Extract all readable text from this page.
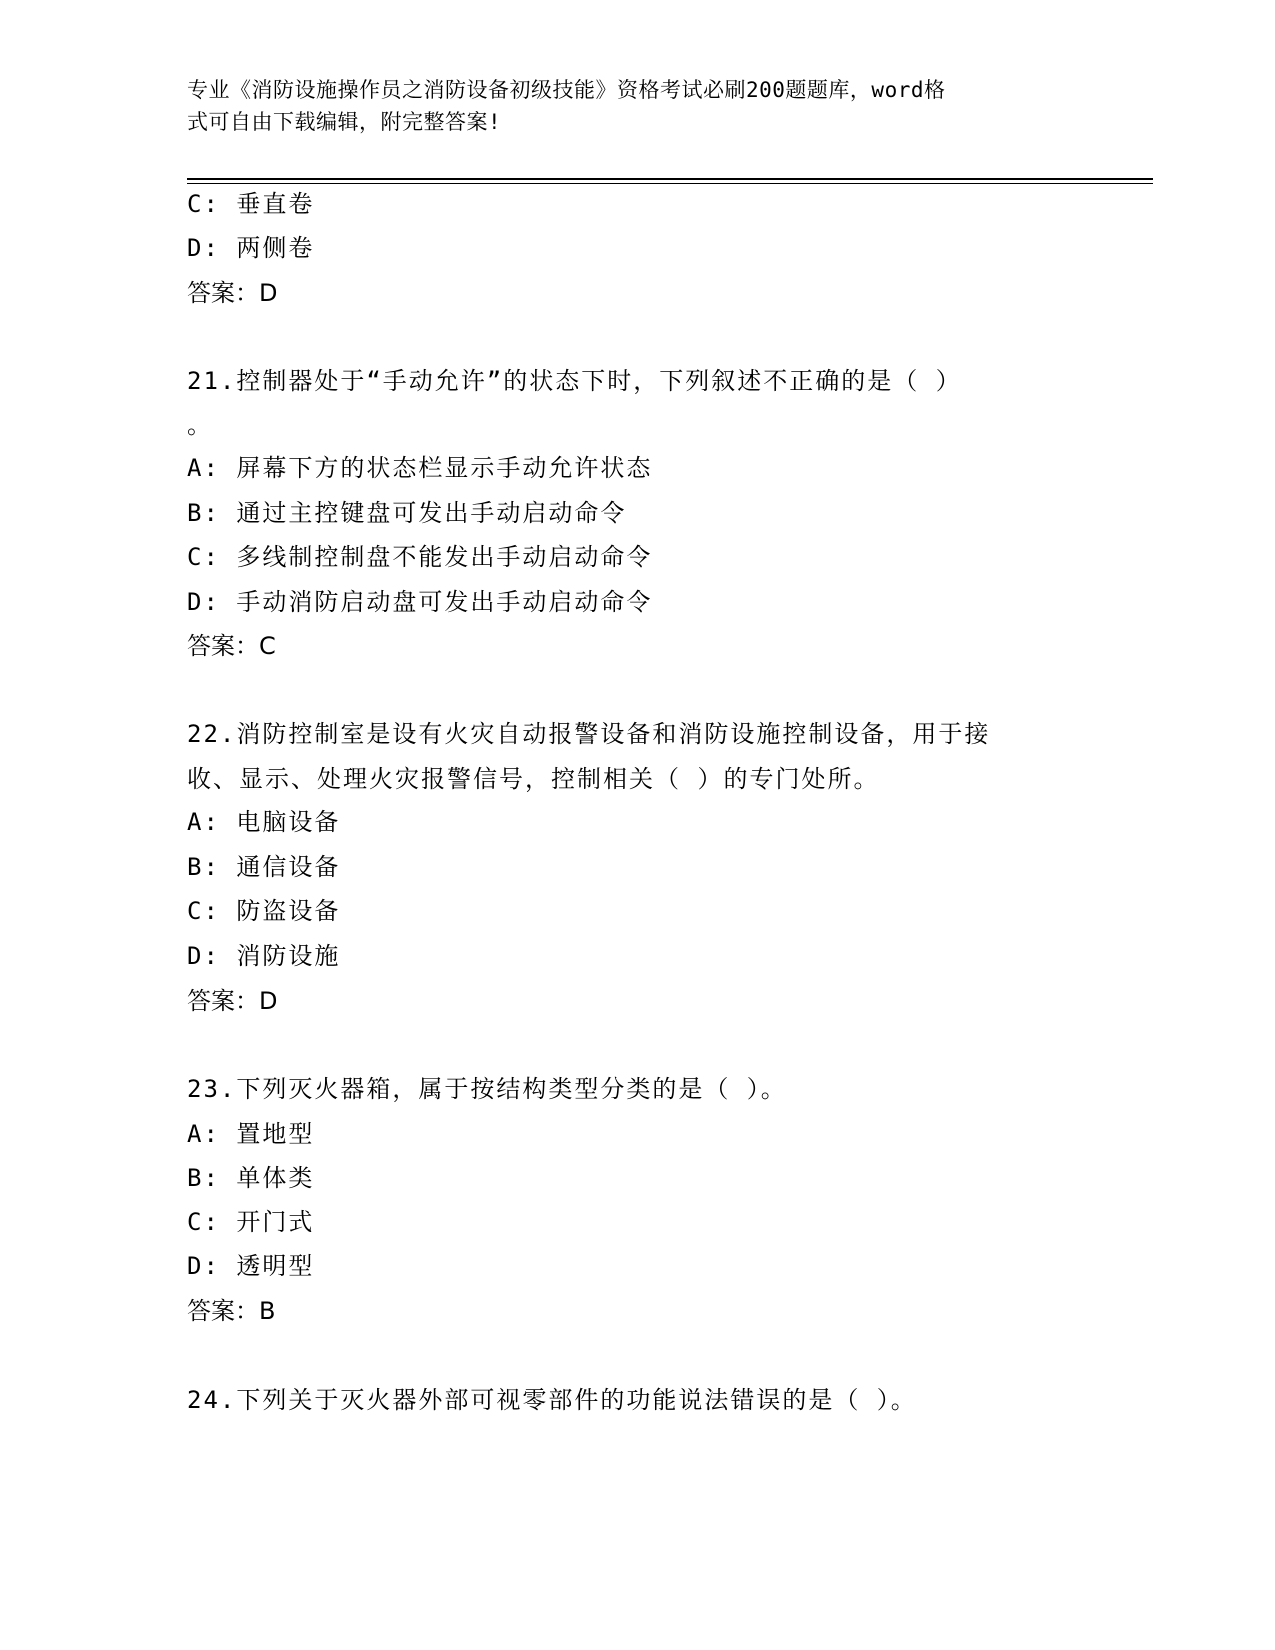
专业《消防设施操作员之消防设备初级技能》资格考试必刷200题题库，word格
式可自由下载编辑，附完整答案!
C: 垂直卷
D: 两侧卷
答案：D
21.控制器处于“手动允许”的状态下时，下列叙述不正确的是（ ）
。
A: 屏幕下方的状态栏显示手动允许状态
B: 通过主控键盘可发出手动启动命令
C: 多线制控制盘不能发出手动启动命令
D: 手动消防启动盘可发出手动启动命令
答案：C
22.消防控制室是设有火灾自动报警设备和消防设施控制设备，用于接
收、显示、处理火灾报警信号，控制相关（ ）的专门处所。
A: 电脑设备
B: 通信设备
C: 防盗设备
D: 消防设施
答案：D
23.下列灭火器箱，属于按结构类型分类的是（ ）。
A: 置地型
B: 单体类
C: 开门式
D: 透明型
答案：B
24.下列关于灭火器外部可视零部件的功能说法错误的是（ ）。
